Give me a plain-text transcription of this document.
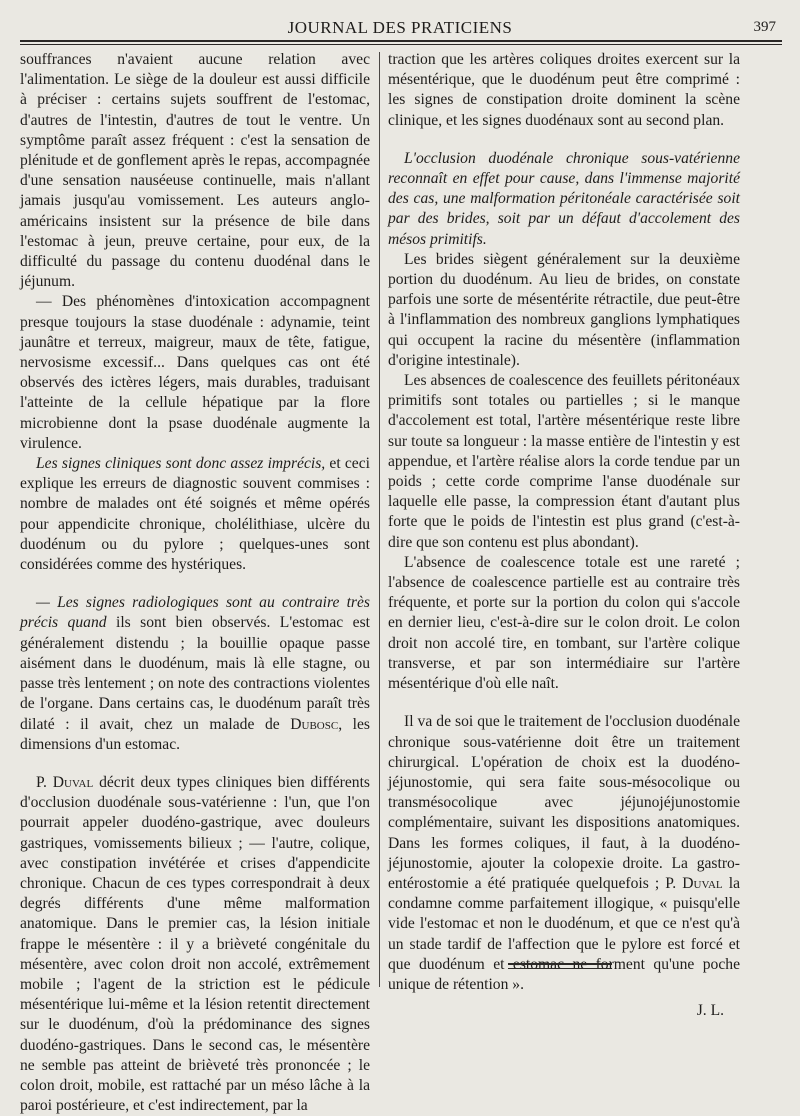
JOURNAL DES PRATICIENS	397

souffrances n'avaient aucune relation avec l'alimentation. Le siège de la douleur est aussi difficile à préciser : certains sujets souffrent de l'estomac, d'autres de l'intestin, d'autres de tout le ventre. Un symptôme paraît assez fréquent : c'est la sensation de plénitude et de gonflement après le repas, accompagnée d'une sensation nauséeuse continuelle, mais n'allant jamais jusqu'au vomissement. Les auteurs anglo-américains insistent sur la présence de bile dans l'estomac à jeun, preuve certaine, pour eux, de la difficulté du passage du contenu duodénal dans le jéjunum.

— Des phénomènes d'intoxication accompagnent presque toujours la stase duodénale : adynamie, teint jaunâtre et terreux, maigreur, maux de tête, fatigue, nervosisme excessif... Dans quelques cas ont été observés des ictères légers, mais durables, traduisant l'atteinte de la cellule hépatique par la flore microbienne dont la psase duodénale augmente la virulence.

Les signes cliniques sont donc assez imprécis, et ceci explique les erreurs de diagnostic souvent commises : nombre de malades ont été soignés et même opérés pour appendicite chronique, cholélithiase, ulcère du duodénum ou du pylore ; quelques-unes sont considérées comme des hystériques.

— Les signes radiologiques sont au contraire très précis quand ils sont bien observés. L'estomac est généralement distendu ; la bouillie opaque passe aisément dans le duodénum, mais là elle stagne, ou passe très lentement ; on note des contractions violentes de l'organe. Dans certains cas, le duodénum paraît très dilaté : il avait, chez un malade de Dubosc, les dimensions d'un estomac.

P. Duval décrit deux types cliniques bien différents d'occlusion duodénale sous-vatérienne : l'un, que l'on pourrait appeler duodéno-gastrique, avec douleurs gastriques, vomissements bilieux ; — l'autre, colique, avec constipation invétérée et crises d'appendicite chronique. Chacun de ces types correspondrait à deux degrés différents d'une même malformation anatomique. Dans le premier cas, la lésion initiale frappe le mésentère : il y a brièveté congénitale du mésentère, avec colon droit non accolé, extrêmement mobile ; l'agent de la striction est le pédicule mésentérique lui-même et la lésion retentit directement sur le duodénum, d'où la prédominance des signes duodéno-gastriques. Dans le second cas, le mésentère ne semble pas atteint de brièveté très prononcée ; le colon droit, mobile, est rattaché par un méso lâche à la paroi postérieure, et c'est indirectement, par la

traction que les artères coliques droites exercent sur la mésentérique, que le duodénum peut être comprimé : les signes de constipation droite dominent la scène clinique, et les signes duodénaux sont au second plan.

L'occlusion duodénale chronique sous-vatérienne reconnaît en effet pour cause, dans l'immense majorité des cas, une malformation péritonéale caractérisée soit par des brides, soit par un défaut d'accolement des mésos primitifs.

Les brides siègent généralement sur la deuxième portion du duodénum. Au lieu de brides, on constate parfois une sorte de mésentérite rétractile, due peut-être à l'inflammation des nombreux ganglions lymphatiques qui occupent la racine du mésentère (inflammation d'origine intestinale).

Les absences de coalescence des feuillets péritonéaux primitifs sont totales ou partielles ; si le manque d'accolement est total, l'artère mésentérique reste libre sur toute sa longueur : la masse entière de l'intestin y est appendue, et l'artère réalise alors la corde tendue par un poids ; cette corde comprime l'anse duodénale sur laquelle elle passe, la compression étant d'autant plus forte que le poids de l'intestin est plus grand (c'est-à-dire que son contenu est plus abondant).

L'absence de coalescence totale est une rareté ; l'absence de coalescence partielle est au contraire très fréquente, et porte sur la portion du colon qui s'accole en dernier lieu, c'est-à-dire sur le colon droit. Le colon droit non accolé tire, en tombant, sur l'artère colique transverse, et par son intermédiaire sur l'artère mésentérique d'où elle naît.

Il va de soi que le traitement de l'occlusion duodénale chronique sous-vatérienne doit être un traitement chirurgical. L'opération de choix est la duodéno-jéjunostomie, qui sera faite sous-mésocolique ou transmésocolique avec jéjunojéjunostomie complémentaire, suivant les dispositions anatomiques. Dans les formes coliques, il faut, à la duodéno-jéjunostomie, ajouter la colopexie droite. La gastro-entérostomie a été pratiquée quelquefois ; P. Duval la condamne comme parfaitement illogique, « puisqu'elle vide l'estomac et non le duodénum, et que ce n'est qu'à un stade tardif de l'affection que le pylore est forcé et que duodénum et estomac ne forment qu'une poche unique de rétention ».

J. L.
